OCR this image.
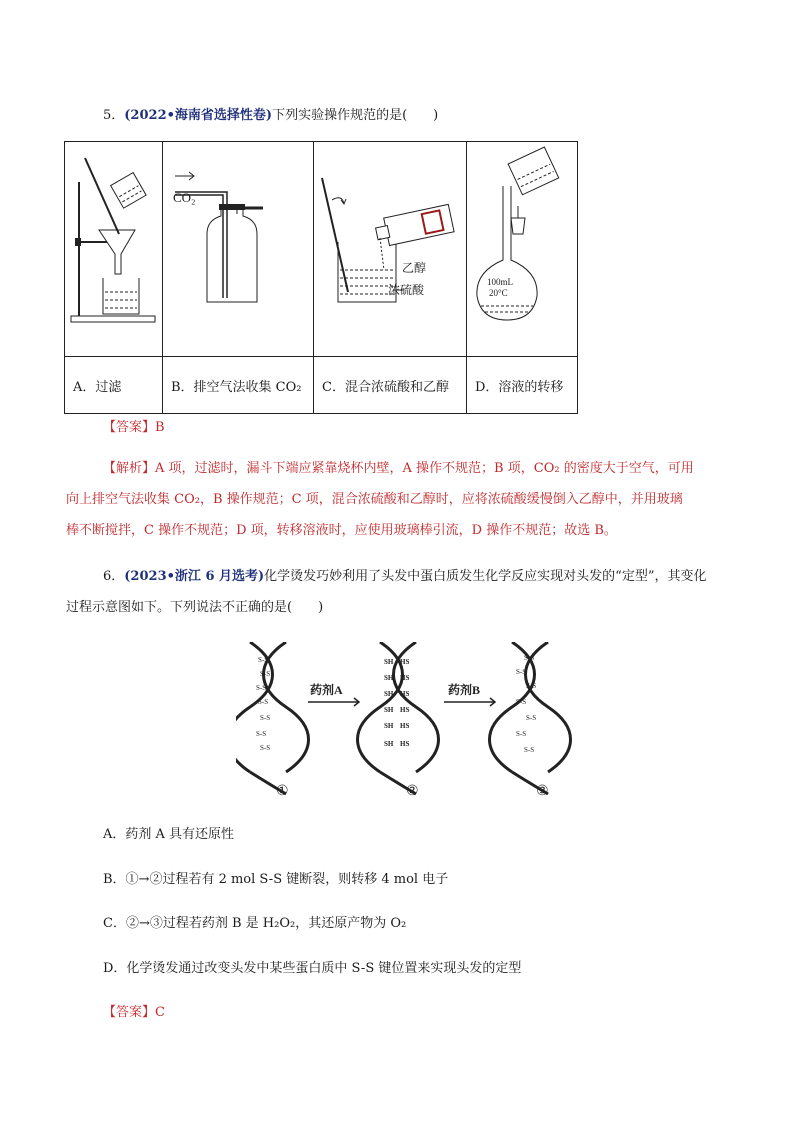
5．(2022•海南省选择性卷)下列实验操作规范的是(　　)

CO₂	乙醇
浓硫酸	100mL
20°C

A．过滤	B．排空气法收集 CO₂	C．混合浓硫酸和乙醇	D．溶液的转移
【答案】B
【解析】A 项，过滤时，漏斗下端应紧靠烧杯内壁，A 操作不规范；B 项，CO₂ 的密度大于空气，可用
向上排空气法收集 CO₂，B 操作规范；C 项，混合浓硫酸和乙醇时，应将浓硫酸缓慢倒入乙醇中，并用玻璃
棒不断搅拌，C 操作不规范；D 项，转移溶液时，应使用玻璃棒引流，D 操作不规范；故选 B。
6．(2023•浙江 6 月选考)化学烫发巧妙利用了头发中蛋白质发生化学反应实现对头发的“定型”，其变化
过程示意图如下。下列说法不正确的是(　　)
S-S
S-S
S-S
S-S
S-S
S-S
S-S
药剂A
SH HS
SH HS
SH HS
SH HS
SH HS
SH HS
药剂B
S-S
S-S
S-S
S-S
S-S
S-S
S-S
①	②	③
A．药剂 A 具有还原性
B．①→②过程若有 2 mol S-S 键断裂，则转移 4 mol 电子
C．②→③过程若药剂 B 是 H₂O₂，其还原产物为 O₂
D．化学烫发通过改变头发中某些蛋白质中 S-S 键位置来实现头发的定型
【答案】C
